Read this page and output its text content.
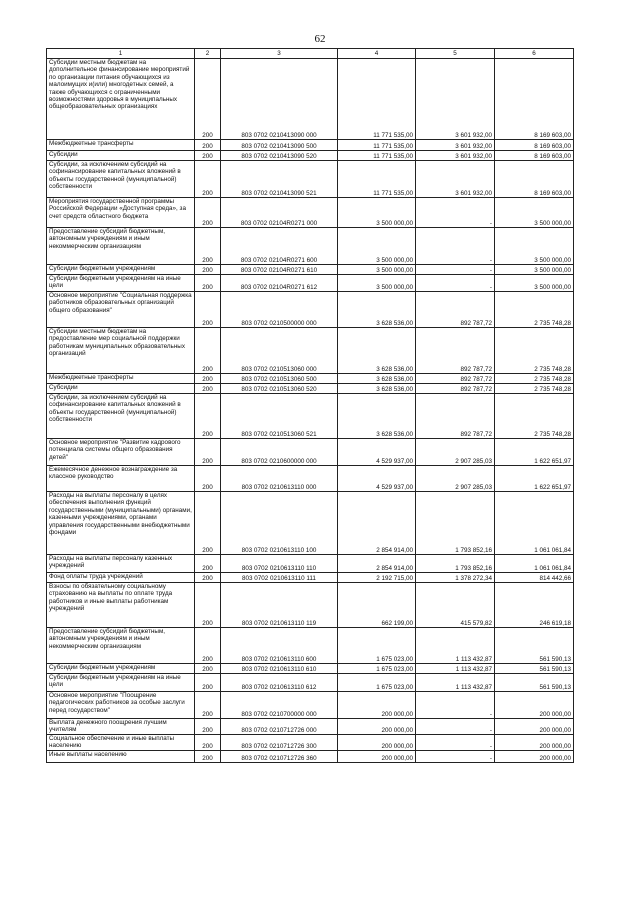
62
1	2	3	4	5	6
Субсидии местным бюджетам на дополнительное финансирование мероприятий по организации питания обучающихся из малоимущих и(или) многодетных семей, а также обучающихся с ограниченными возможностями здоровья в муниципальных общеобразовательных организациях	200	803 0702 0210413090 000	11 771 535,00	3 601 932,00	8 169 603,00
Межбюджетные трансферты	200	803 0702 0210413090 500	11 771 535,00	3 601 932,00	8 169 603,00
Субсидии	200	803 0702 0210413090 520	11 771 535,00	3 601 932,00	8 169 603,00
Субсидии, за исключением субсидий на софинансирование капитальных вложений в объекты государственной (муниципальной) собственности	200	803 0702 0210413090 521	11 771 535,00	3 601 932,00	8 169 603,00
Мероприятия государственной программы Российской Федерации «Доступная среда», за счет средств областного бюджета	200	803 0702 02104R0271 000	3 500 000,00	-	3 500 000,00
Предоставление субсидий бюджетным, автономным учреждениям и иным некоммерческим организациям	200	803 0702 02104R0271 600	3 500 000,00	-	3 500 000,00
Субсидии бюджетным учреждениям	200	803 0702 02104R0271 610	3 500 000,00	-	3 500 000,00
Субсидии бюджетным учреждениям на иные цели	200	803 0702 02104R0271 612	3 500 000,00	-	3 500 000,00
Основное мероприятие "Социальная поддержка работников образовательных организаций общего образования"	200	803 0702 0210500000 000	3 628 536,00	892 787,72	2 735 748,28
Субсидии местным бюджетам на предоставление мер социальной поддержки работникам муниципальных образовательных организаций	200	803 0702 0210513060 000	3 628 536,00	892 787,72	2 735 748,28
Межбюджетные трансферты	200	803 0702 0210513060 500	3 628 536,00	892 787,72	2 735 748,28
Субсидии	200	803 0702 0210513060 520	3 628 536,00	892 787,72	2 735 748,28
Субсидии, за исключением субсидий на софинансирование капитальных вложений в объекты государственной (муниципальной) собственности	200	803 0702 0210513060 521	3 628 536,00	892 787,72	2 735 748,28
Основное мероприятие "Развитие кадрового потенциала системы общего образования детей"	200	803 0702 0210600000 000	4 529 937,00	2 907 285,03	1 622 651,97
Ежемесячное денежное вознаграждение за классное руководство	200	803 0702 0210613110 000	4 529 937,00	2 907 285,03	1 622 651,97
Расходы на выплаты персоналу в целях обеспечения выполнения функций государственными (муниципальными) органами, казенными учреждениями, органами управления государственными внебюджетными фондами	200	803 0702 0210613110 100	2 854 914,00	1 793 852,16	1 061 061,84
Расходы на выплаты персоналу казенных учреждений	200	803 0702 0210613110 110	2 854 914,00	1 793 852,16	1 061 061,84
Фонд оплаты труда учреждений	200	803 0702 0210613110 111	2 192 715,00	1 378 272,34	814 442,66
Взносы по обязательному социальному страхованию на выплаты по оплате труда работников и иные выплаты работникам учреждений	200	803 0702 0210613110 119	662 199,00	415 579,82	246 619,18
Предоставление субсидий бюджетным, автономным учреждениям и иным некоммерческим организациям	200	803 0702 0210613110 600	1 675 023,00	1 113 432,87	561 590,13
Субсидии бюджетным учреждениям	200	803 0702 0210613110 610	1 675 023,00	1 113 432,87	561 590,13
Субсидии бюджетным учреждениям на иные цели	200	803 0702 0210613110 612	1 675 023,00	1 113 432,87	561 590,13
Основное мероприятие "Поощрение педагогических работников за особые заслуги перед государством"	200	803 0702 0210700000 000	200 000,00	-	200 000,00
Выплата денежного поощрения лучшим учителям	200	803 0702 0210712726 000	200 000,00	-	200 000,00
Социальное обеспечение и иные выплаты населению	200	803 0702 0210712726 300	200 000,00	-	200 000,00
Иные выплаты населению	200	803 0702 0210712726 360	200 000,00	-	200 000,00
